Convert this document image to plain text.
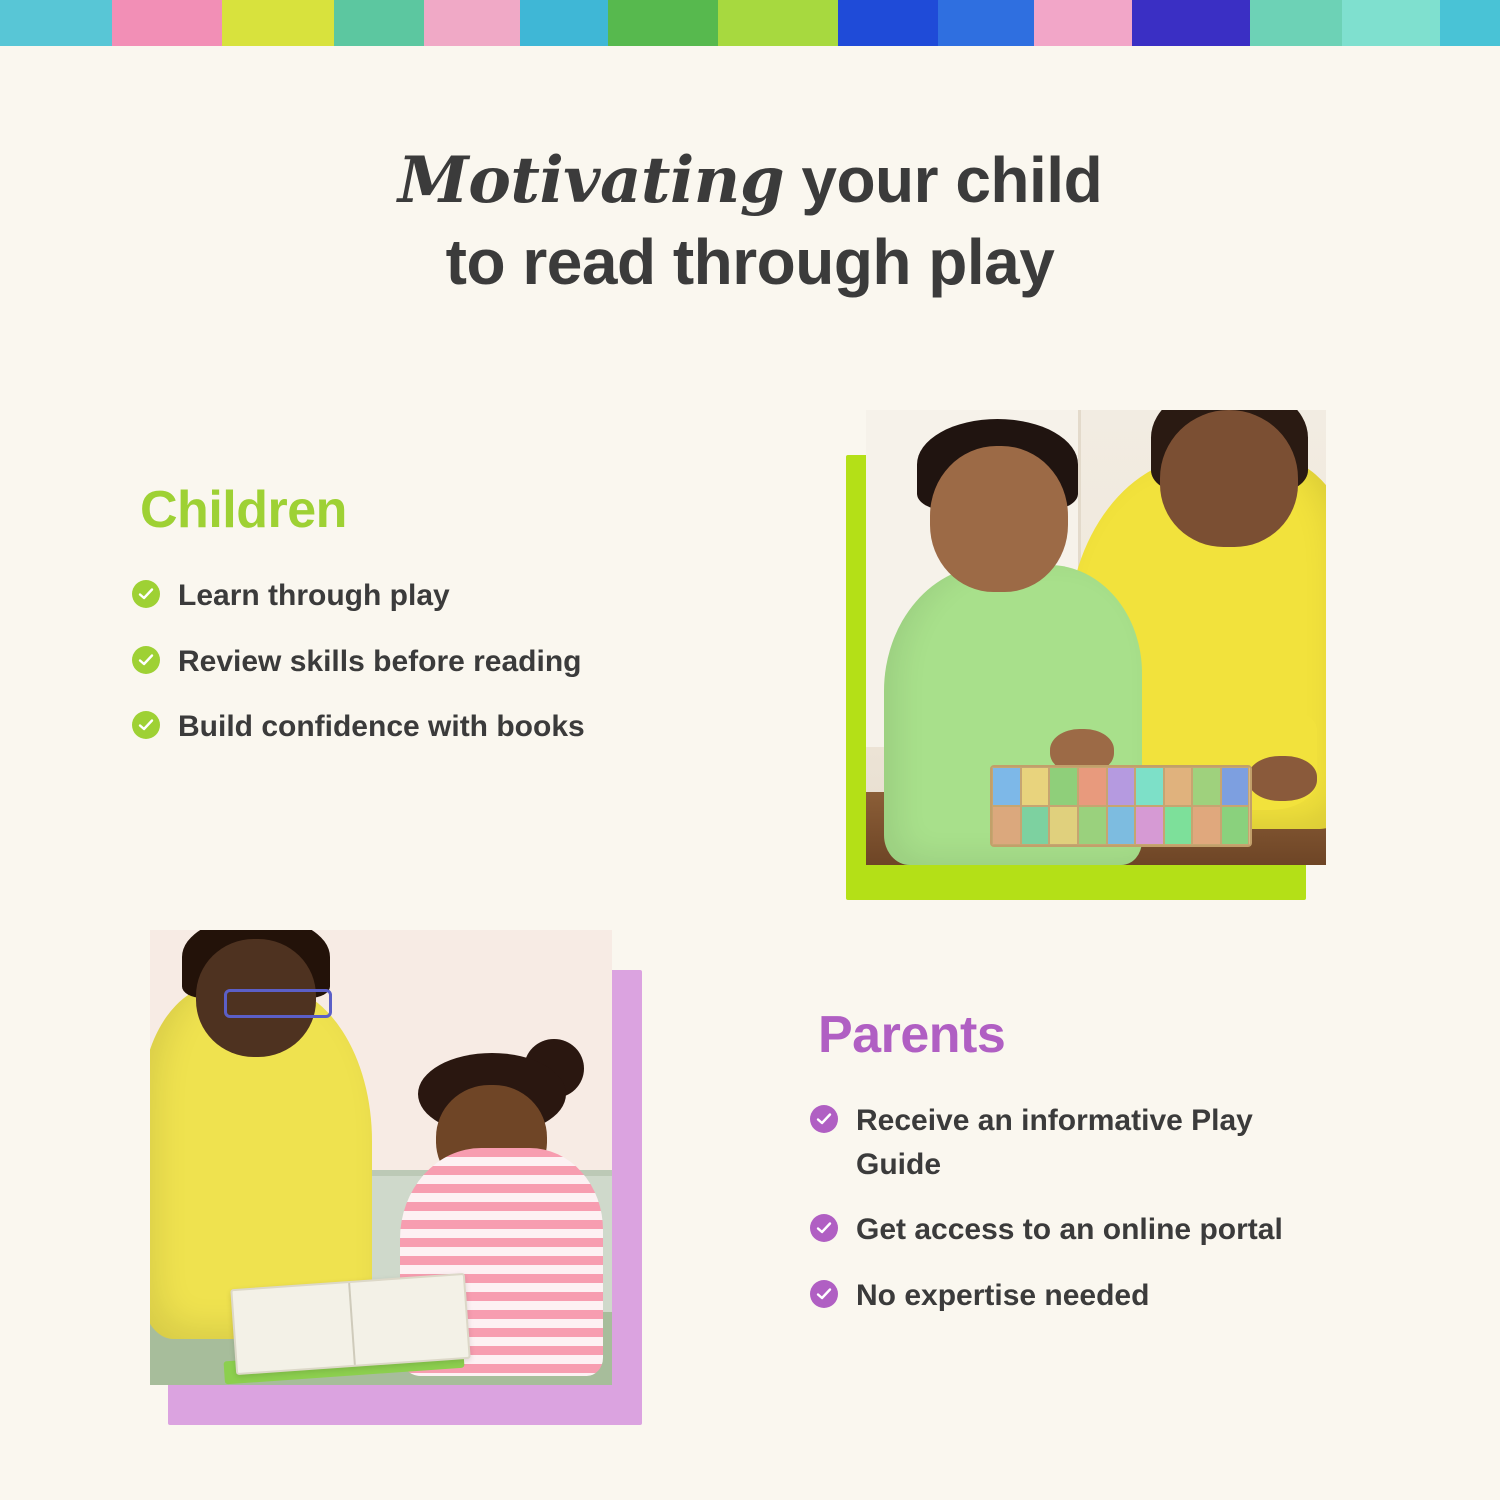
Motivating your child
to read through play
Children
Learn through play
Review skills before reading
Build confidence with books
Parents
Receive an informative Play Guide
Get access to an online portal
No expertise needed
